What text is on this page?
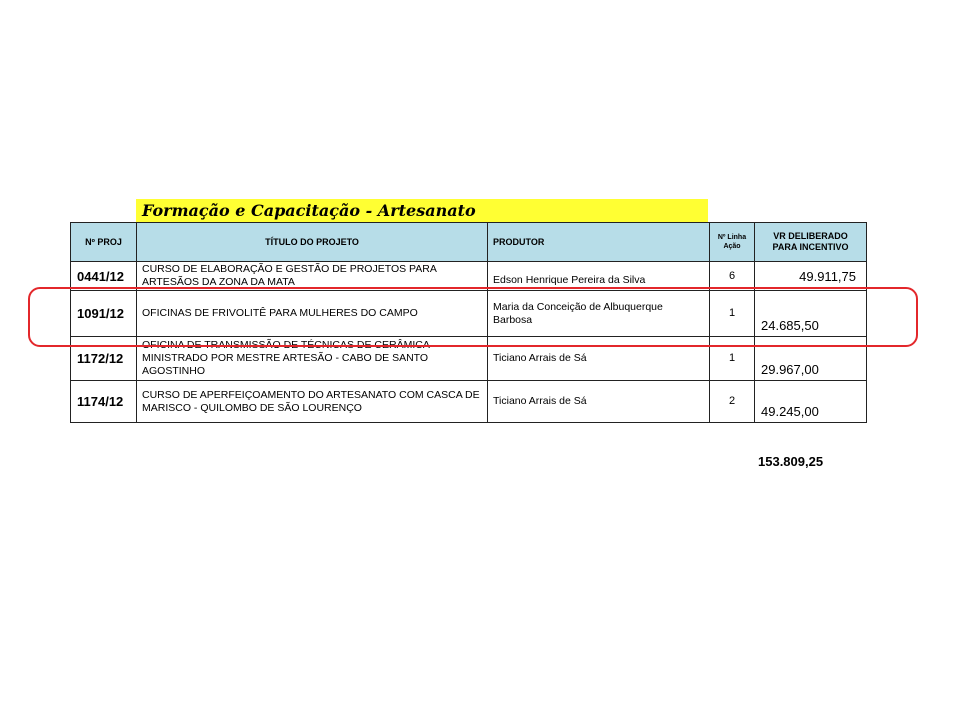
Formação e Capacitação - Artesanato
Nº PROJ	TÍTULO DO PROJETO	PRODUTOR	Nº Linha Ação	VR DELIBERADO PARA INCENTIVO
0441/12	CURSO DE ELABORAÇÃO E GESTÃO DE PROJETOS PARA ARTESÃOS DA ZONA DA MATA	Edson Henrique Pereira da Silva	6	49.911,75
1091/12	OFICINAS DE FRIVOLITÊ PARA MULHERES DO CAMPO	Maria da Conceição de Albuquerque Barbosa	1	24.685,50
1172/12	OFICINA DE TRANSMISSÃO DE TÉCNICAS DE CERÂMICA MINISTRADO POR MESTRE ARTESÃO - CABO DE SANTO AGOSTINHO	Ticiano Arrais de Sá	1	29.967,00
1174/12	CURSO DE APERFEIÇOAMENTO DO ARTESANATO COM CASCA DE MARISCO - QUILOMBO DE SÃO LOURENÇO	Ticiano Arrais de Sá	2	49.245,00
153.809,25
